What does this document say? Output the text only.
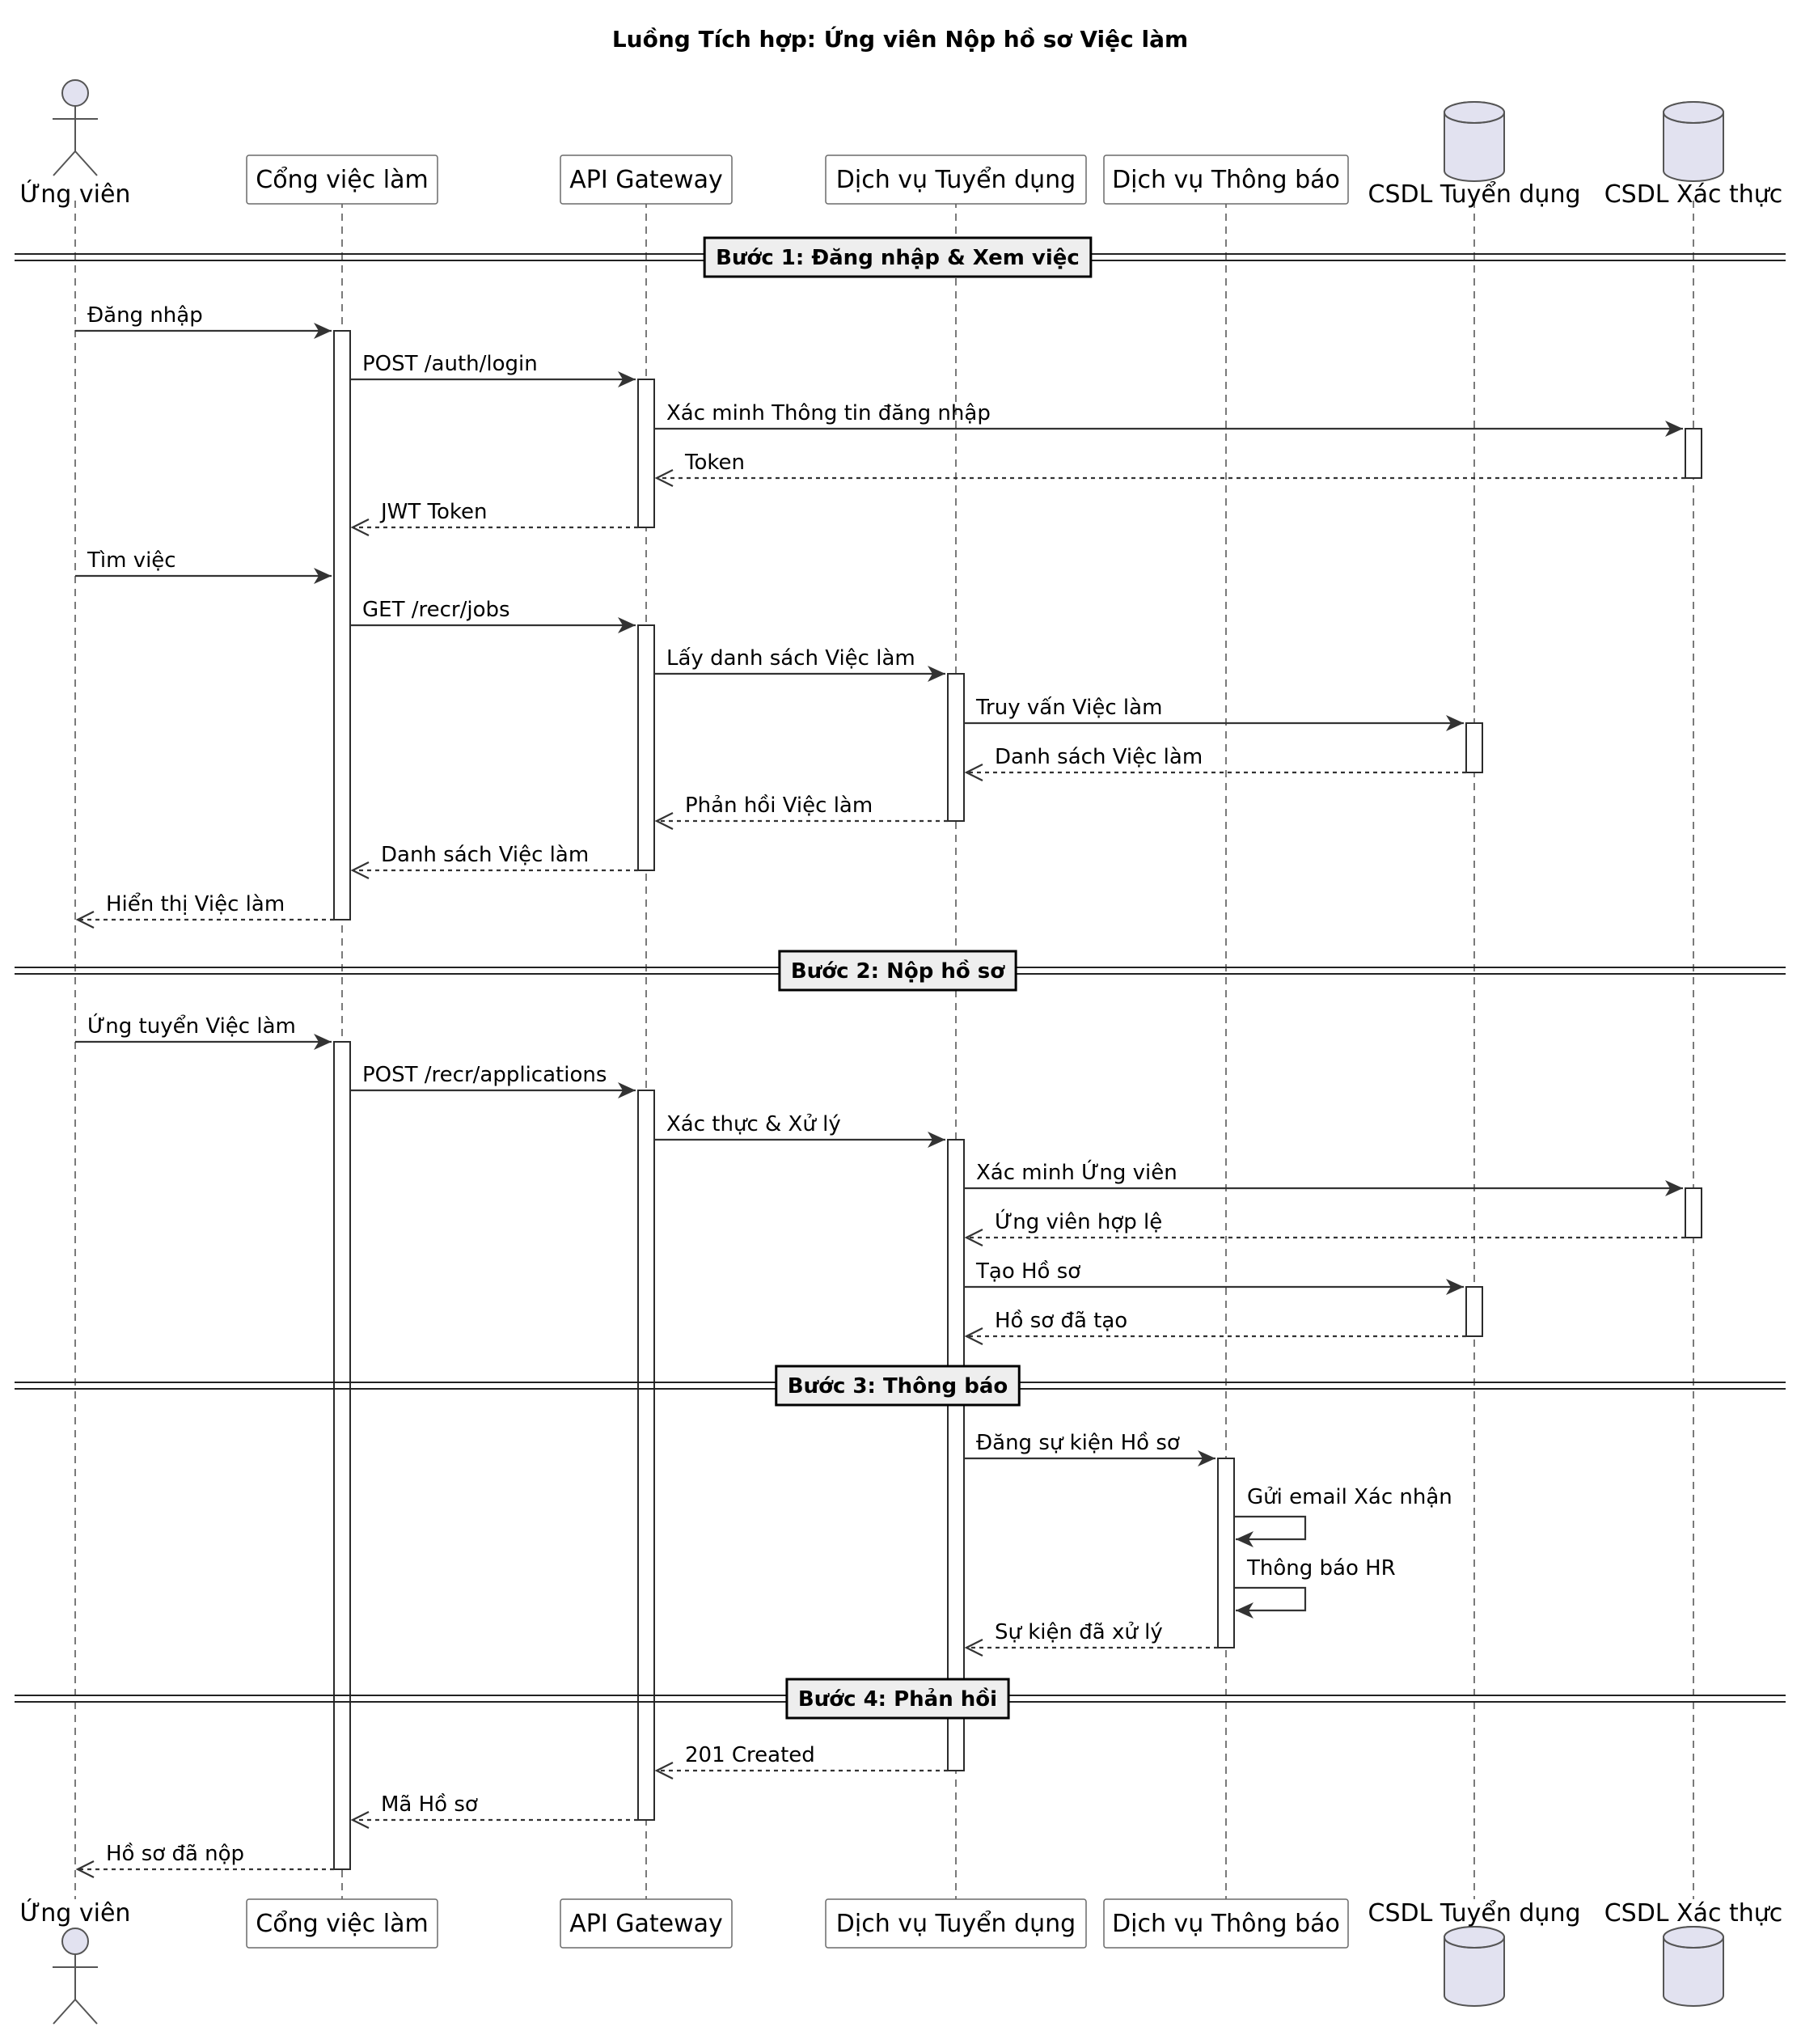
Luồng Tích hợp: Ứng viên Nộp hồ sơ Việc làm
Bước 1: Đăng nhập & Xem việc
Đăng nhập
POST /auth/login
Xác minh Thông tin đăng nhập
Token
JWT Token
Tìm việc
GET /recr/jobs
Lấy danh sách Việc làm
Truy vấn Việc làm
Danh sách Việc làm
Phản hồi Việc làm
Danh sách Việc làm
Hiển thị Việc làm
Bước 2: Nộp hồ sơ
Ứng tuyển Việc làm
POST /recr/applications
Xác thực & Xử lý
Xác minh Ứng viên
Ứng viên hợp lệ
Tạo Hồ sơ
Hồ sơ đã tạo
Bước 3: Thông báo
Đăng sự kiện Hồ sơ
Gửi email Xác nhận
Thông báo HR
Sự kiện đã xử lý
Bước 4: Phản hồi
201 Created
Mã Hồ sơ
Hồ sơ đã nộp
Ứng viên
Ứng viên
Cổng việc làm
Cổng việc làm
API Gateway
API Gateway
Dịch vụ Tuyển dụng
Dịch vụ Tuyển dụng
Dịch vụ Thông báo
Dịch vụ Thông báo
CSDL Tuyển dụng
CSDL Tuyển dụng
CSDL Xác thực
CSDL Xác thực
